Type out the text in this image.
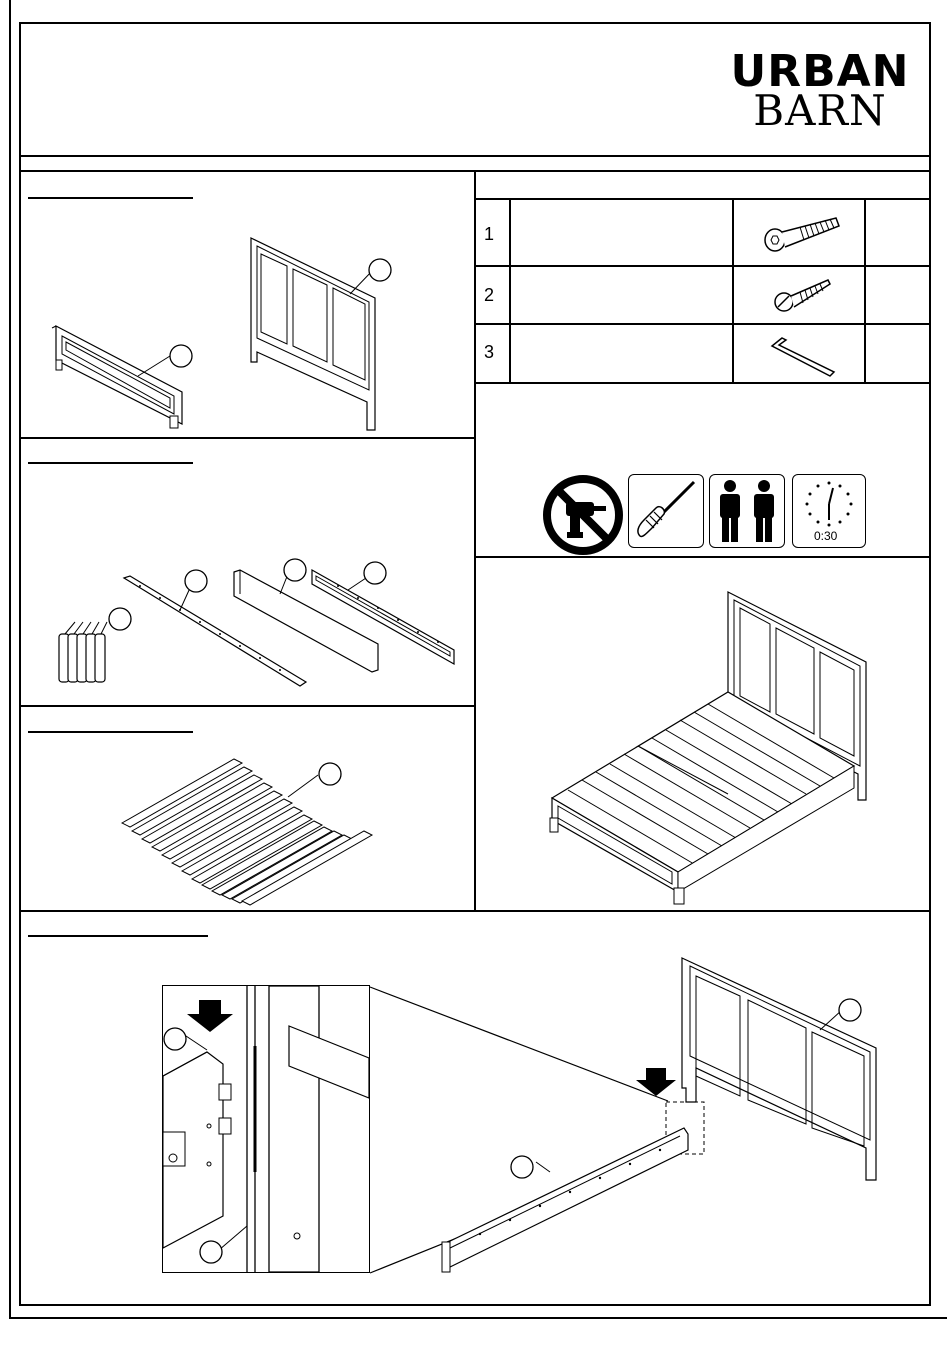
URBAN
BARN
1
2
3
0:30
